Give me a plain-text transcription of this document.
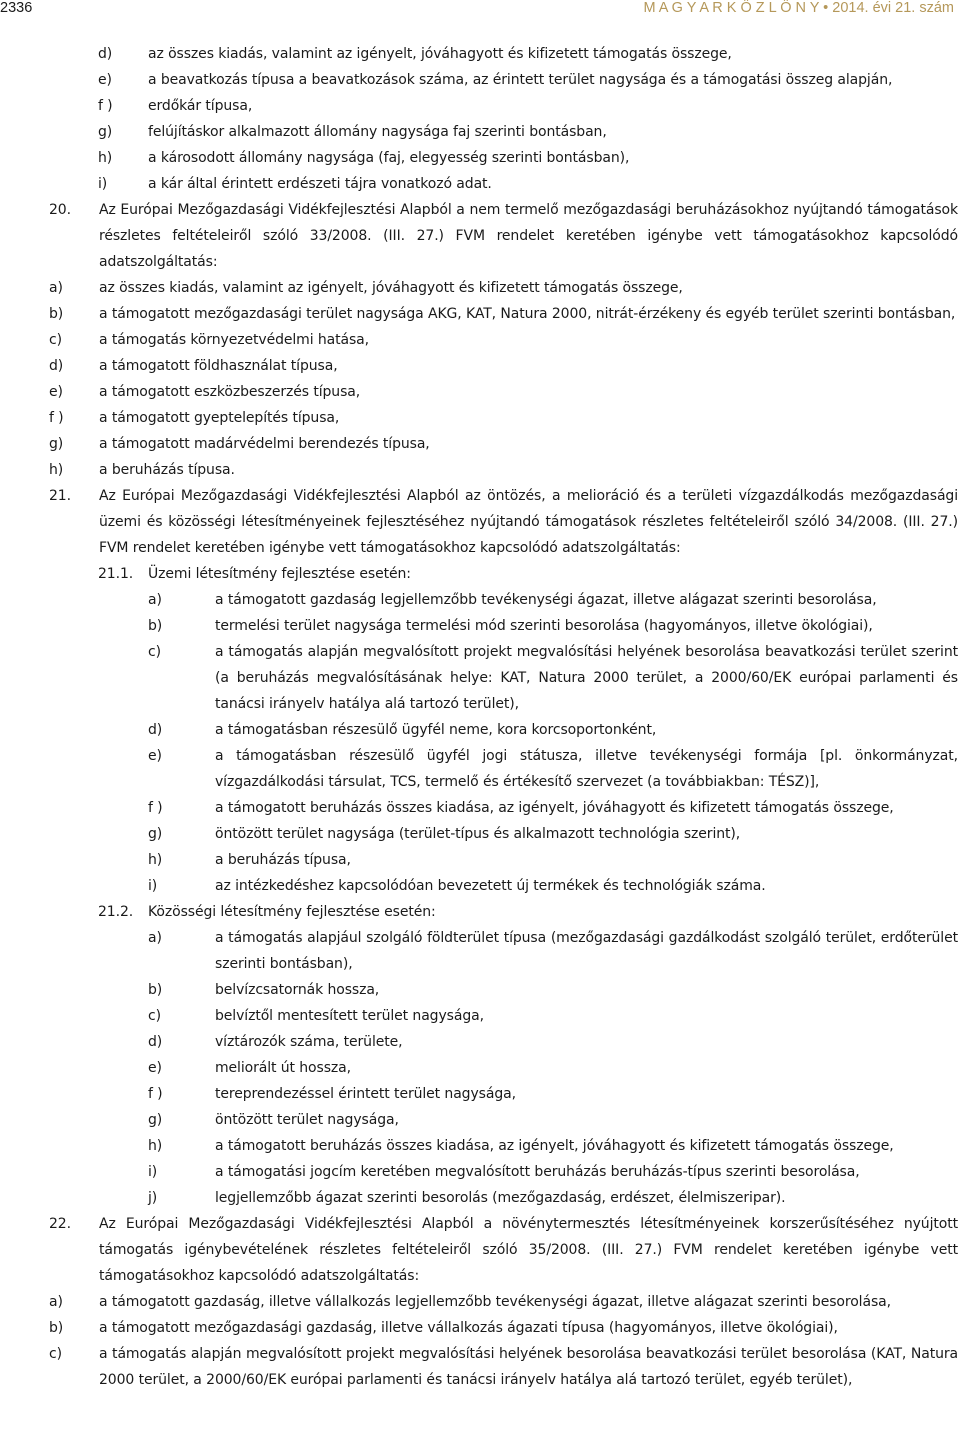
2336	M A G Y A R K Ö Z L Ö N Y • 2014. évi 21. szám
d)	az összes kiadás, valamint az igényelt, jóváhagyott és kifizetett támogatás összege,
e)	a beavatkozás típusa a beavatkozások száma, az érintett terület nagysága és a támogatási összeg alapján,
f )	erdőkár típusa,
g)	felújításkor alkalmazott állomány nagysága faj szerinti bontásban,
h)	a károsodott állomány nagysága (faj, elegyesség szerinti bontásban),
i)	a kár által érintett erdészeti tájra vonatkozó adat.
20.	Az Európai Mezőgazdasági Vidékfejlesztési Alapból a nem termelő mezőgazdasági beruházásokhoz nyújtandó támogatások részletes feltételeiről szóló 33/2008. (III. 27.) FVM rendelet keretében igénybe vett támogatásokhoz kapcsolódó adatszolgáltatás:
a)	az összes kiadás, valamint az igényelt, jóváhagyott és kifizetett támogatás összege,
b)	a támogatott mezőgazdasági terület nagysága AKG, KAT, Natura 2000, nitrát-érzékeny és egyéb terület szerinti bontásban,
c)	a támogatás környezetvédelmi hatása,
d)	a támogatott földhasználat típusa,
e)	a támogatott eszközbeszerzés típusa,
f )	a támogatott gyeptelepítés típusa,
g)	a támogatott madárvédelmi berendezés típusa,
h)	a beruházás típusa.
21.	Az Európai Mezőgazdasági Vidékfejlesztési Alapból az öntözés, a melioráció és a területi vízgazdálkodás mezőgazdasági üzemi és közösségi létesítményeinek fejlesztéséhez nyújtandó támogatások részletes feltételeiről szóló 34/2008. (III. 27.) FVM rendelet keretében igénybe vett támogatásokhoz kapcsolódó adatszolgáltatás:
21.1.	Üzemi létesítmény fejlesztése esetén:
a)	a támogatott gazdaság legjellemzőbb tevékenységi ágazat, illetve alágazat szerinti besorolása,
b)	termelési terület nagysága termelési mód szerinti besorolása (hagyományos, illetve ökológiai),
c)	a támogatás alapján megvalósított projekt megvalósítási helyének besorolása beavatkozási terület szerint (a beruházás megvalósításának helye: KAT, Natura 2000 terület, a 2000/60/EK európai parlamenti és tanácsi irányelv hatálya alá tartozó terület),
d)	a támogatásban részesülő ügyfél neme, kora korcsoportonként,
e)	a támogatásban részesülő ügyfél jogi státusza, illetve tevékenységi formája [pl. önkormányzat, vízgazdálkodási társulat, TCS, termelő és értékesítő szervezet (a továbbiakban: TÉSZ)],
f )	a támogatott beruházás összes kiadása, az igényelt, jóváhagyott és kifizetett támogatás összege,
g)	öntözött terület nagysága (terület-típus és alkalmazott technológia szerint),
h)	a beruházás típusa,
i)	az intézkedéshez kapcsolódóan bevezetett új termékek és technológiák száma.
21.2.	Közösségi létesítmény fejlesztése esetén:
a)	a támogatás alapjául szolgáló földterület típusa (mezőgazdasági gazdálkodást szolgáló terület, erdőterület szerinti bontásban),
b)	belvízcsatornák hossza,
c)	belvíztől mentesített terület nagysága,
d)	víztározók száma, területe,
e)	meliorált út hossza,
f )	tereprendezéssel érintett terület nagysága,
g)	öntözött terület nagysága,
h)	a támogatott beruházás összes kiadása, az igényelt, jóváhagyott és kifizetett támogatás összege,
i)	a támogatási jogcím keretében megvalósított beruházás beruházás-típus szerinti besorolása,
j)	legjellemzőbb ágazat szerinti besorolás (mezőgazdaság, erdészet, élelmiszeripar).
22.	Az Európai Mezőgazdasági Vidékfejlesztési Alapból a növénytermesztés létesítményeinek korszerűsítéséhez nyújtott támogatás igénybevételének részletes feltételeiről szóló 35/2008. (III. 27.) FVM rendelet keretében igénybe vett támogatásokhoz kapcsolódó adatszolgáltatás:
a)	a támogatott gazdaság, illetve vállalkozás legjellemzőbb tevékenységi ágazat, illetve alágazat szerinti besorolása,
b)	a támogatott mezőgazdasági gazdaság, illetve vállalkozás ágazati típusa (hagyományos, illetve ökológiai),
c)	a támogatás alapján megvalósított projekt megvalósítási helyének besorolása beavatkozási terület besorolása (KAT, Natura 2000 terület, a 2000/60/EK európai parlamenti és tanácsi irányelv hatálya alá tartozó terület, egyéb terület),
